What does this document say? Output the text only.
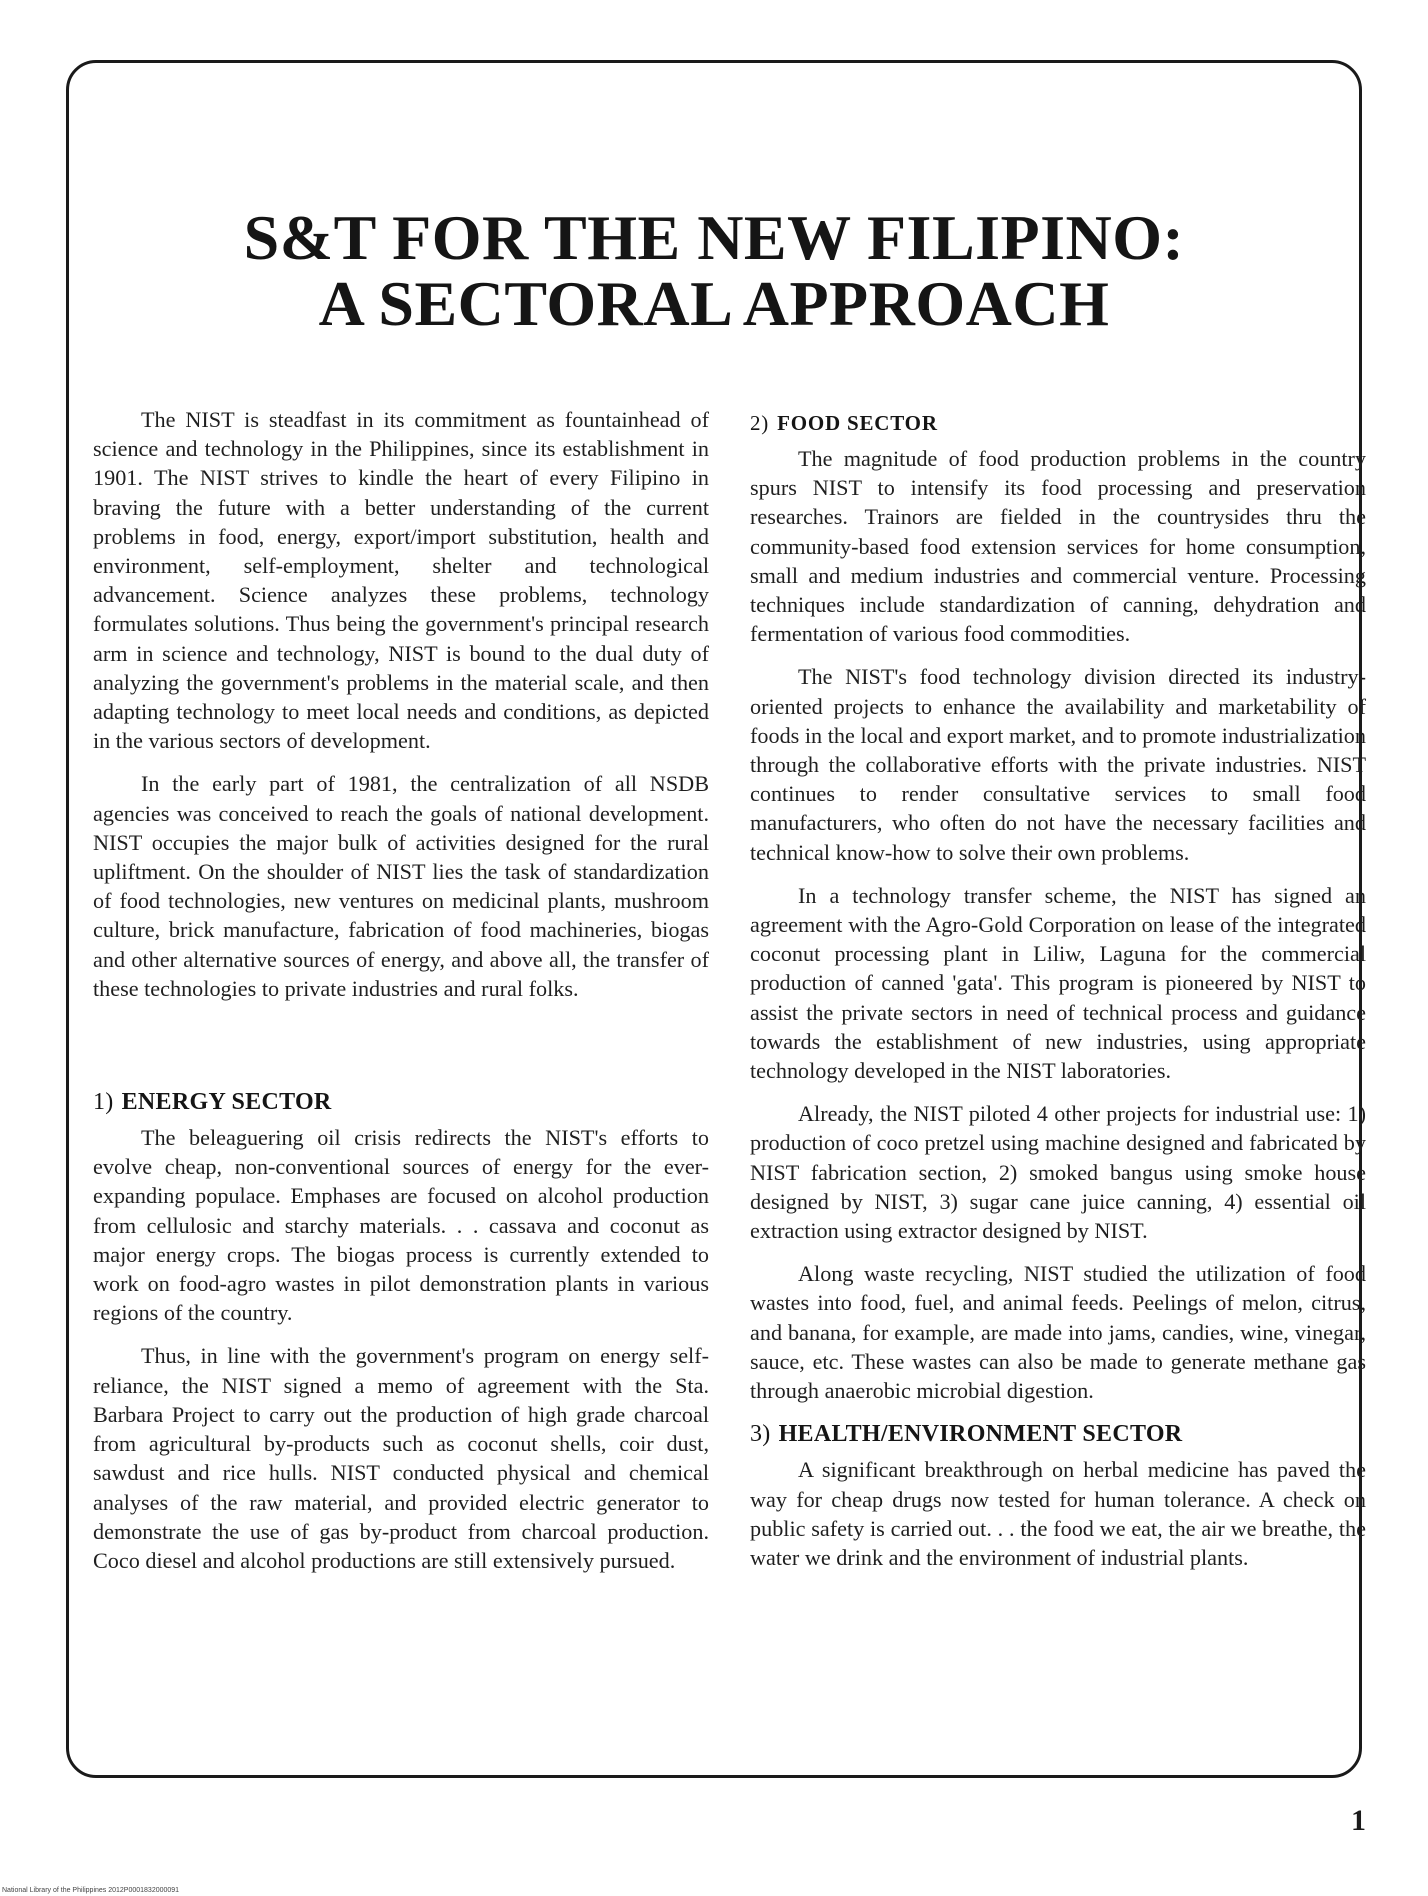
S&T FOR THE NEW FILIPINO:
A SECTORAL APPROACH

The NIST is steadfast in its commitment as fountainhead of science and technology in the Philippines, since its establishment in 1901. The NIST strives to kindle the heart of every Filipino in braving the future with a better understanding of the current problems in food, energy, export/import substitution, health and environment, self-employment, shelter and technological advancement. Science analyzes these problems, technology formulates solutions. Thus being the government's principal research arm in science and technology, NIST is bound to the dual duty of analyzing the government's problems in the material scale, and then adapting technology to meet local needs and conditions, as depicted in the various sectors of development.

In the early part of 1981, the centralization of all NSDB agencies was conceived to reach the goals of national development. NIST occupies the major bulk of activities designed for the rural upliftment. On the shoulder of NIST lies the task of standardization of food technologies, new ventures on medicinal plants, mushroom culture, brick manufacture, fabrication of food machineries, biogas and other alternative sources of energy, and above all, the transfer of these technologies to private industries and rural folks.

1) ENERGY SECTOR

The beleaguering oil crisis redirects the NIST's efforts to evolve cheap, non-conventional sources of energy for the ever-expanding populace. Emphases are focused on alcohol production from cellulosic and starchy materials. . . cassava and coconut as major energy crops. The biogas process is currently extended to work on food-agro wastes in pilot demonstration plants in various regions of the country.

Thus, in line with the government's program on energy self-reliance, the NIST signed a memo of agreement with the Sta. Barbara Project to carry out the production of high grade charcoal from agricultural by-products such as coconut shells, coir dust, sawdust and rice hulls. NIST conducted physical and chemical analyses of the raw material, and provided electric generator to demonstrate the use of gas by-product from charcoal production. Coco diesel and alcohol productions are still extensively pursued.

2) FOOD SECTOR

The magnitude of food production problems in the country spurs NIST to intensify its food processing and preservation researches. Trainors are fielded in the countrysides thru the community-based food extension services for home consumption, small and medium industries and commercial venture. Processing techniques include standardization of canning, dehydration and fermentation of various food commodities.

The NIST's food technology division directed its industry-oriented projects to enhance the availability and marketability of foods in the local and export market, and to promote industrialization through the collaborative efforts with the private industries. NIST continues to render consultative services to small food manufacturers, who often do not have the necessary facilities and technical know-how to solve their own problems.

In a technology transfer scheme, the NIST has signed an agreement with the Agro-Gold Corporation on lease of the integrated coconut processing plant in Liliw, Laguna for the commercial production of canned 'gata'. This program is pioneered by NIST to assist the private sectors in need of technical process and guidance towards the establishment of new industries, using appropriate technology developed in the NIST laboratories.

Already, the NIST piloted 4 other projects for industrial use: 1) production of coco pretzel using machine designed and fabricated by NIST fabrication section, 2) smoked bangus using smoke house designed by NIST, 3) sugar cane juice canning, 4) essential oil extraction using extractor designed by NIST.

Along waste recycling, NIST studied the utilization of food wastes into food, fuel, and animal feeds. Peelings of melon, citrus, and banana, for example, are made into jams, candies, wine, vinegar, sauce, etc. These wastes can also be made to generate methane gas through anaerobic microbial digestion.

3) HEALTH/ENVIRONMENT SECTOR

A significant breakthrough on herbal medicine has paved the way for cheap drugs now tested for human tolerance. A check on public safety is carried out. . . the food we eat, the air we breathe, the water we drink and the environment of industrial plants.

1
National Library of the Philippines 2012P0001832000091
